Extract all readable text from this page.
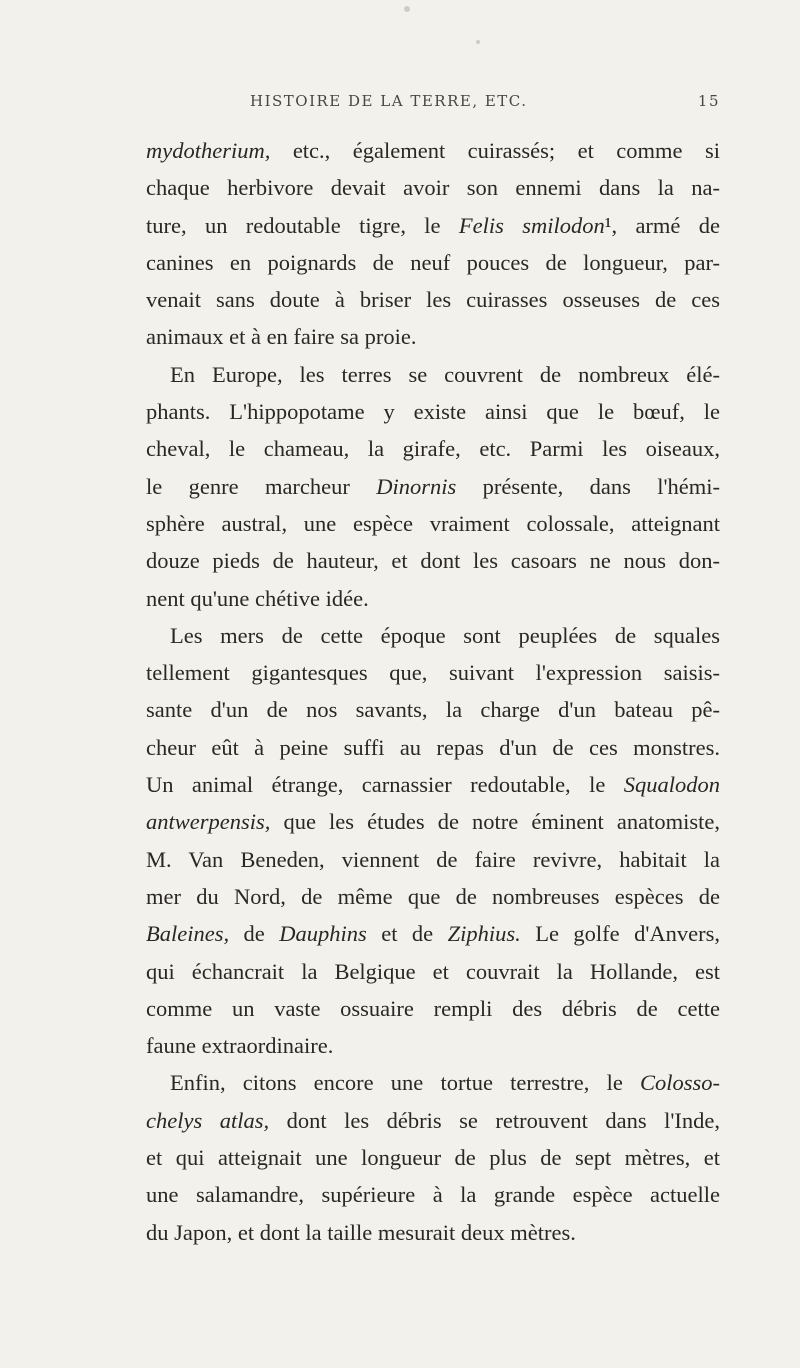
HISTOIRE DE LA TERRE, ETC.	15
mydotherium, etc., également cuirassés; et comme si
chaque herbivore devait avoir son ennemi dans la na-
ture, un redoutable tigre, le Felis smilodon¹, armé de
canines en poignards de neuf pouces de longueur, par-
venait sans doute à briser les cuirasses osseuses de ces
animaux et à en faire sa proie.
En Europe, les terres se couvrent de nombreux élé-
phants. L'hippopotame y existe ainsi que le bœuf, le
cheval, le chameau, la girafe, etc. Parmi les oiseaux,
le genre marcheur Dinornis présente, dans l'hémi-
sphère austral, une espèce vraiment colossale, atteignant
douze pieds de hauteur, et dont les casoars ne nous don-
nent qu'une chétive idée.
Les mers de cette époque sont peuplées de squales
tellement gigantesques que, suivant l'expression saisis-
sante d'un de nos savants, la charge d'un bateau pê-
cheur eût à peine suffi au repas d'un de ces monstres.
Un animal étrange, carnassier redoutable, le Squalodon
antwerpensis, que les études de notre éminent anatomiste,
M. Van Beneden, viennent de faire revivre, habitait la
mer du Nord, de même que de nombreuses espèces de
Baleines, de Dauphins et de Ziphius. Le golfe d'Anvers,
qui échancrait la Belgique et couvrait la Hollande, est
comme un vaste ossuaire rempli des débris de cette
faune extraordinaire.
Enfin, citons encore une tortue terrestre, le Colosso-
chelys atlas, dont les débris se retrouvent dans l'Inde,
et qui atteignait une longueur de plus de sept mètres, et
une salamandre, supérieure à la grande espèce actuelle
du Japon, et dont la taille mesurait deux mètres.
